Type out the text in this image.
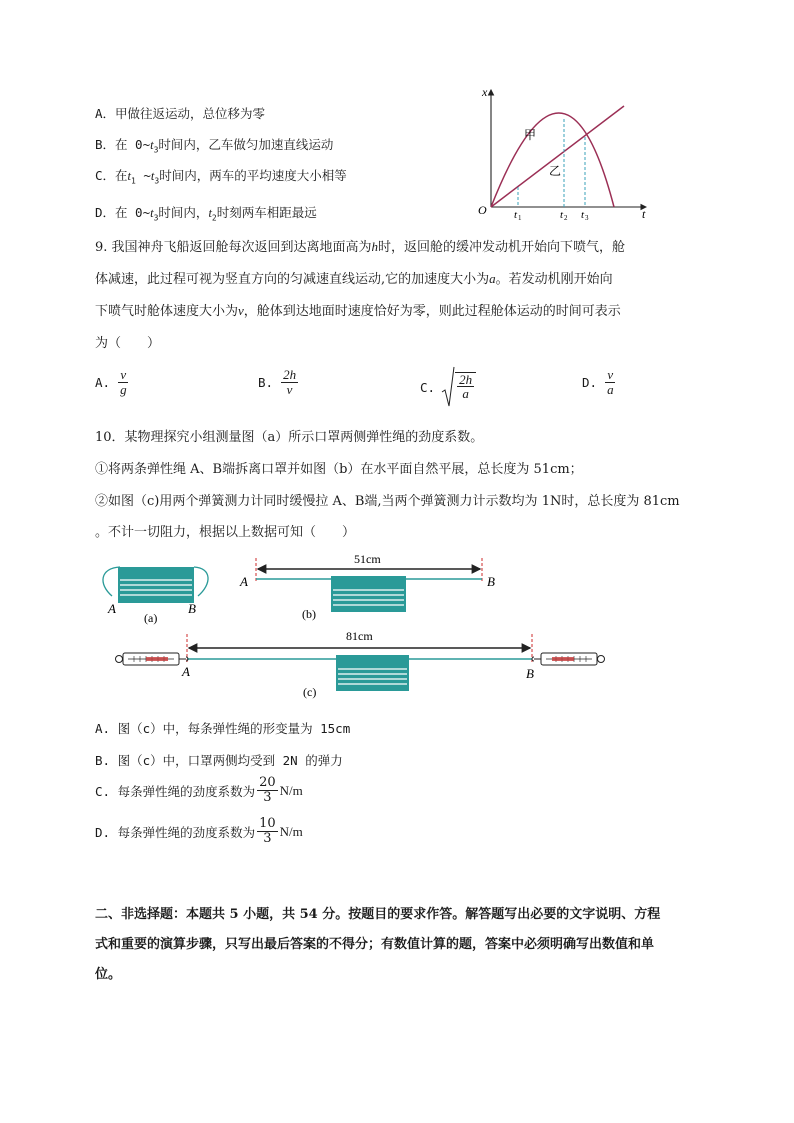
A．甲做往返运动，总位移为零
B．在 $0\sim t_3$时间内，乙车做匀加速直线运动
C．在$t_1$ $\sim t_3$时间内，两车的平均速度大小相等
D．在 $0\sim t_3$时间内，$t_2$时刻两车相距最远
x
t
O
甲
乙
t 1	t 2 t 3
9. 我国神舟飞船返回舱每次返回到达离地面高为h时，返回舱的缓冲发动机开始向下喷气，舱
体减速，此过程可视为竖直方向的匀减速直线运动,它的加速度大小为a。若发动机刚开始向
下喷气时舱体速度大小为v，舱体到达地面时速度恰好为零，则此过程舱体运动的时间可表示
为（　　）
A. $\frac{v}{g}$	B. $\frac{2h}{v}$	C. $\frac{2h}{a}$	D. $\frac{v}{a}$
10．某物理探究小组测量图（a）所示口罩两侧弹性绳的劲度系数。
①将两条弹性绳 A、B端拆离口罩并如图（b）在水平面自然平展，总长度为 51cm；
②如图（c)用两个弹簧测力计同时缓慢拉 A、B端,当两个弹簧测力计示数均为 1N时，总长度为 81cm
。不计一切阻力，根据以上数据可知（　　）
A	B
(a)
51cm
A	B
(b)
81cm
A	B
(c)
A. 图（c）中，每条弹性绳的形变量为 15cm
B. 图（c）中，口罩两侧均受到 2N 的弹力
C. 每条弹性绳的劲度系数为 $\frac{20}{3} N/m$
D. 每条弹性绳的劲度系数为 $\frac{10}{3} N/m$
二、非选择题：本题共 5 小题，共 54 分。按题目的要求作答。解答题写出必要的文字说明、方程
式和重要的演算步骤，只写出最后答案的不得分；有数值计算的题，答案中必须明确写出数值和单
位。
